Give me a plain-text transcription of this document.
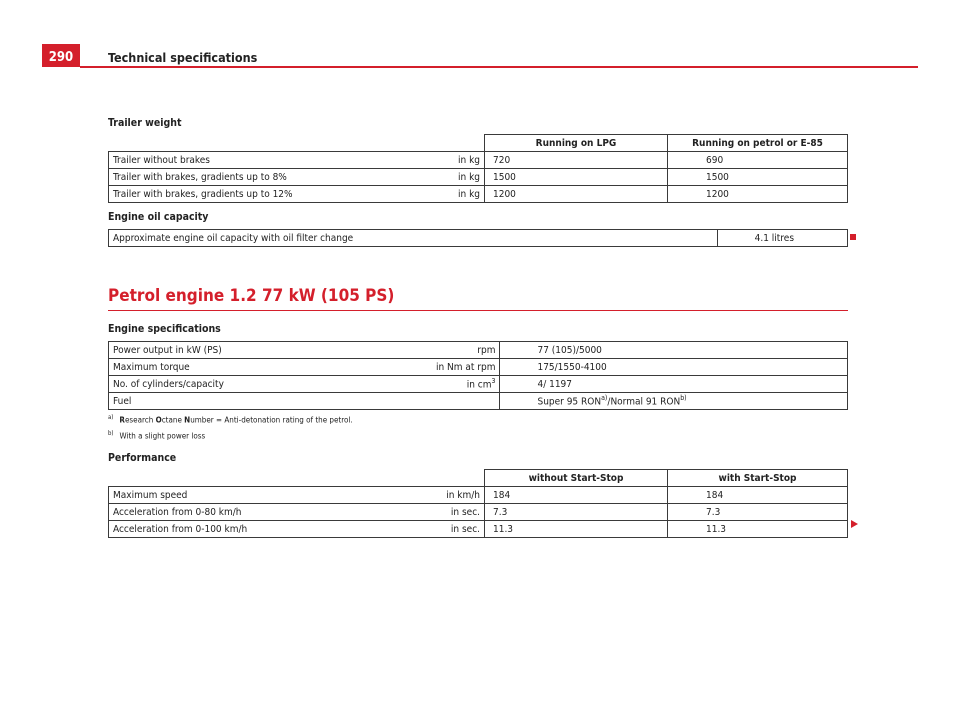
290	Technical specifications
Trailer weight
		Running on LPG	Running on petrol or E-85
Trailer without brakes	in kg	720	690
Trailer with brakes, gradients up to 8%	in kg	1500	1500
Trailer with brakes, gradients up to 12%	in kg	1200	1200
Engine oil capacity
Approximate engine oil capacity with oil filter change	4.1 litres
Petrol engine 1.2 77 kW (105 PS)
Engine specifications
Power output in kW (PS)	rpm	77 (105)/5000
Maximum torque	in Nm at rpm	175/1550-4100
No. of cylinders/capacity	in $cm^3$	4/ 1197
Fuel		Super 95 RON$^{a)}$/Normal 91 RON$^{b)}$
$^{a)}$ Research Octane Number = Anti-detonation rating of the petrol.
$^{b)}$ With a slight power loss
Performance
		without Start-Stop	with Start-Stop
Maximum speed	in km/h	184	184
Acceleration from 0-80 km/h	in sec.	7.3	7.3
Acceleration from 0-100 km/h	in sec.	11.3	11.3
